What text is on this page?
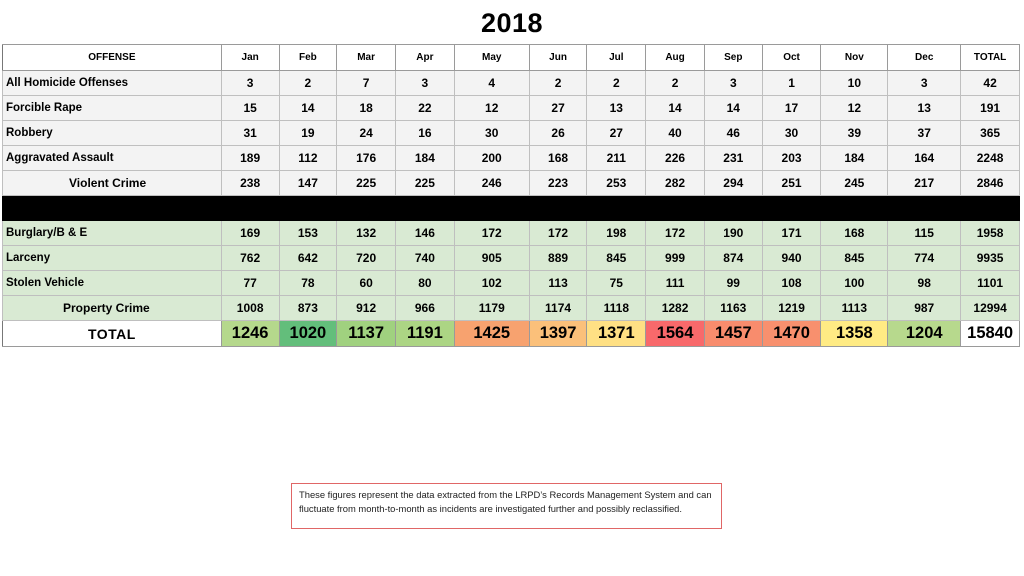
2018
OFFENSE	Jan	Feb	Mar	Apr	May	Jun	Jul	Aug	Sep	Oct	Nov	Dec	TOTAL
All Homicide Offenses	3	2	7	3	4	2	2	2	3	1	10	3	42
Forcible Rape	15	14	18	22	12	27	13	14	14	17	12	13	191
Robbery	31	19	24	16	30	26	27	40	46	30	39	37	365
Aggravated Assault	189	112	176	184	200	168	211	226	231	203	184	164	2248
Violent Crime	238	147	225	225	246	223	253	282	294	251	245	217	2846

Burglary/B & E	169	153	132	146	172	172	198	172	190	171	168	115	1958
Larceny	762	642	720	740	905	889	845	999	874	940	845	774	9935
Stolen Vehicle	77	78	60	80	102	113	75	111	99	108	100	98	1101
Property Crime	1008	873	912	966	1179	1174	1118	1282	1163	1219	1113	987	12994
TOTAL	1246	1020	1137	1191	1425	1397	1371	1564	1457	1470	1358	1204	15840
These figures represent the data extracted from the LRPD’s Records Management System and can fluctuate from month-to-month as incidents are investigated further and possibly reclassified.
